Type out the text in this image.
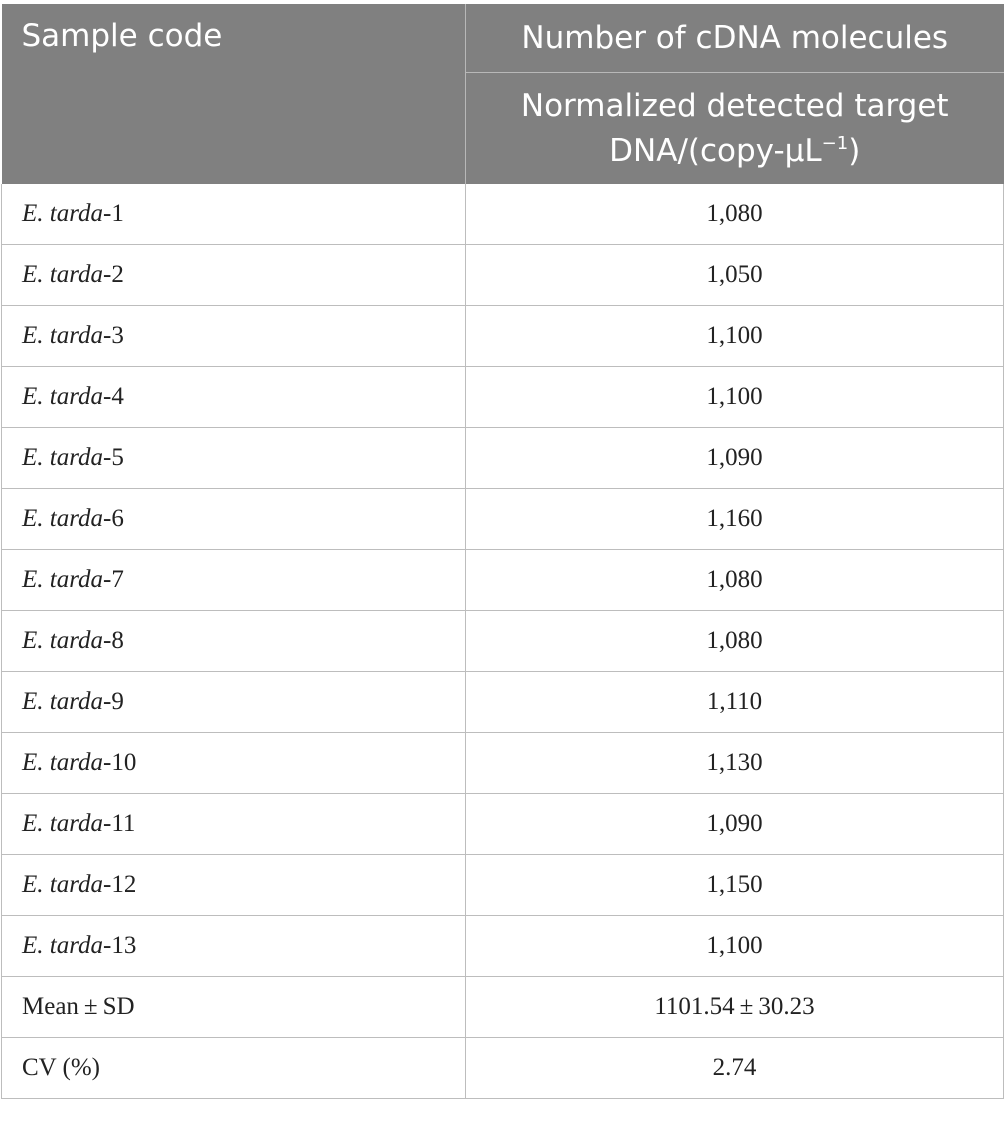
Sample code	Number of cDNA molecules
	Normalized detected target
DNA/$(copy-\mu L^{-1})$
E. tarda-1	1,080
E. tarda-2	1,050
E. tarda-3	1,100
E. tarda-4	1,100
E. tarda-5	1,090
E. tarda-6	1,160
E. tarda-7	1,080
E. tarda-8	1,080
E. tarda-9	1,110
E. tarda-10	1,130
E. tarda-11	1,090
E. tarda-12	1,150
E. tarda-13	1,100
Mean ± SD	1101.54 ± 30.23
CV (%)	2.74
